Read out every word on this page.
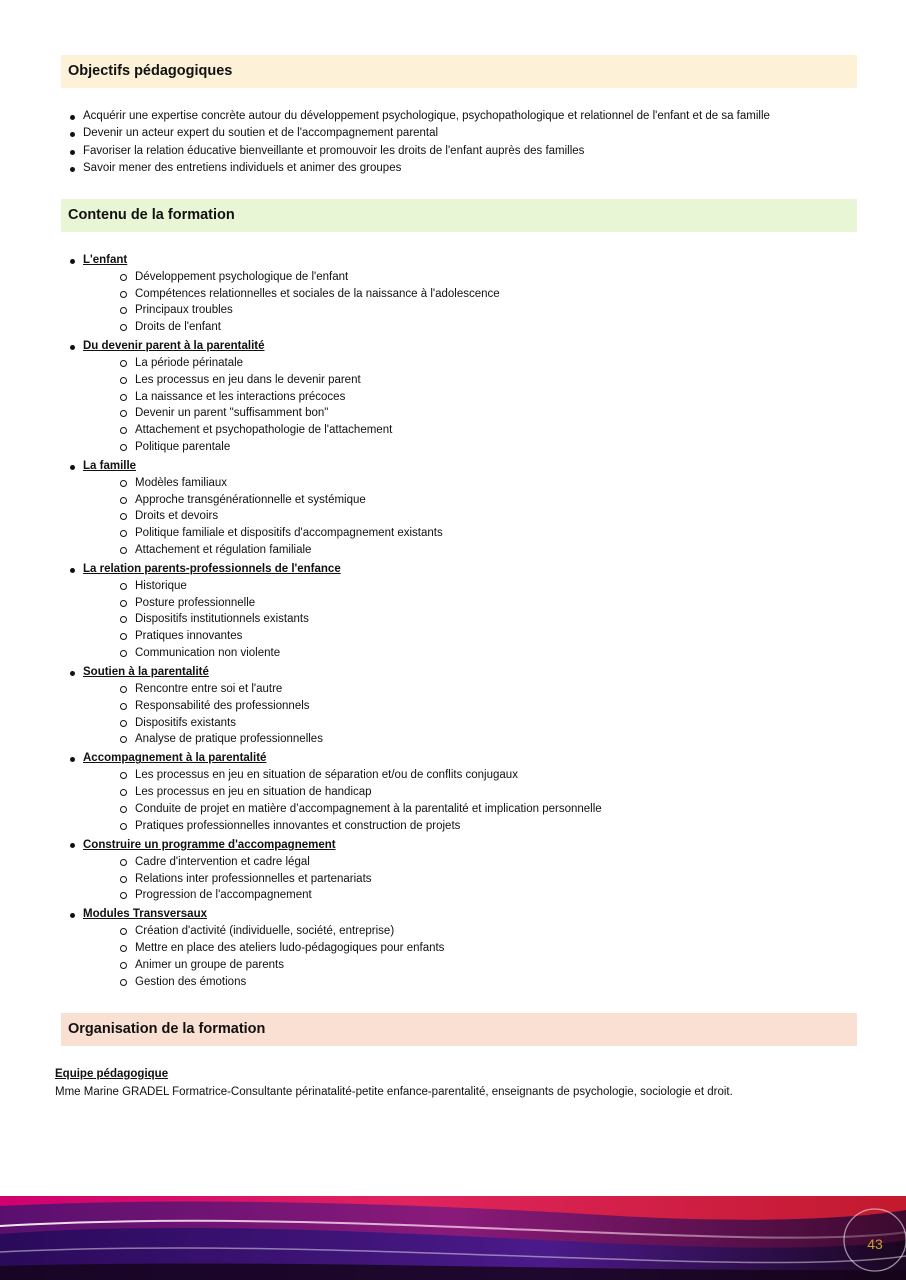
Objectifs pédagogiques
Acquérir une expertise concrète autour du développement psychologique, psychopathologique et relationnel de l'enfant et de sa famille
Devenir un acteur expert du soutien et de l'accompagnement parental
Favoriser la relation éducative bienveillante et promouvoir les droits de l'enfant auprès des familles
Savoir mener des entretiens individuels et animer des groupes
Contenu de la formation
L'enfant
Développement psychologique de l'enfant
Compétences relationnelles et sociales de la naissance à l'adolescence
Principaux troubles
Droits de l'enfant
Du devenir parent à la parentalité
La période périnatale
Les processus en jeu dans le devenir parent
La naissance et les interactions précoces
Devenir un parent "suffisamment bon"
Attachement et psychopathologie de l'attachement
Politique parentale
La famille
Modèles familiaux
Approche transgénérationnelle et systémique
Droits et devoirs
Politique familiale et dispositifs d'accompagnement existants
Attachement et régulation familiale
La relation parents-professionnels de l'enfance
Historique
Posture professionnelle
Dispositifs institutionnels existants
Pratiques innovantes
Communication non violente
Soutien à la parentalité
Rencontre entre soi et l'autre
Responsabilité des professionnels
Dispositifs existants
Analyse de pratique professionnelles
Accompagnement à la parentalité
Les processus en jeu en situation de séparation et/ou de conflits conjugaux
Les processus en jeu en situation de handicap
Conduite de projet en matière d’accompagnement à la parentalité et implication personnelle
Pratiques professionnelles innovantes et construction de projets
Construire un programme d'accompagnement
Cadre d'intervention et cadre légal
Relations inter professionnelles et partenariats
Progression de l'accompagnement
Modules Transversaux
Création d'activité (individuelle, société, entreprise)
Mettre en place des ateliers ludo-pédagogiques pour enfants
Animer un groupe de parents
Gestion des émotions
Organisation de la formation
Equipe pédagogique
Mme Marine GRADEL Formatrice-Consultante périnatalité-petite enfance-parentalité, enseignants de psychologie, sociologie et droit.
43
